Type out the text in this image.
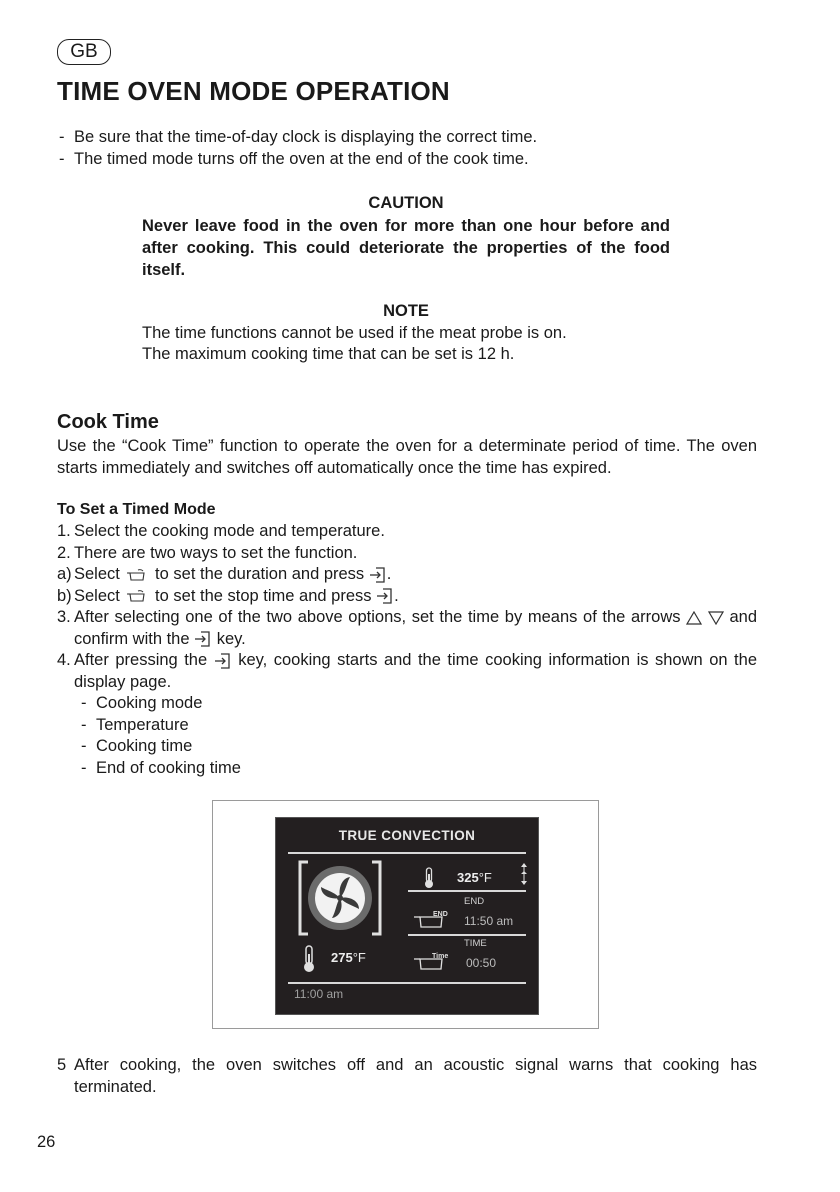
GB
TIME OVEN MODE OPERATION
- Be sure that the time-of-day clock is displaying the correct time.
- The timed mode turns off the oven at the end of the cook time.
CAUTION
Never leave food in the oven for more than one hour before and after cooking. This could deteriorate the properties of the food itself.
NOTE
The time functions cannot be used if the meat probe is on.
The maximum cooking time that can be set is 12 h.
Cook Time
Use the “Cook Time” function to operate the oven for a determinate period of time. The oven starts immediately and switches off automatically once the time has expired.
To Set a Timed Mode
1. Select the cooking mode and temperature.
2. There are two ways to set the function.
a) Select to set the duration and press .
b) Select to set the stop time and press .
3. After selecting one of the two above options, set the time by means of the arrows	and confirm with the key.
4. After pressing the key, cooking starts and the time cooking information is shown on the display page.
- Cooking mode
- Temperature
- Cooking time
- End of cooking time
TRUE CONVECTION
275°F
325°F
END
END 11:50 am
TIME
Time 00:50
11:00 am
5 After cooking, the oven switches off and an acoustic signal warns that cooking has terminated.
26
